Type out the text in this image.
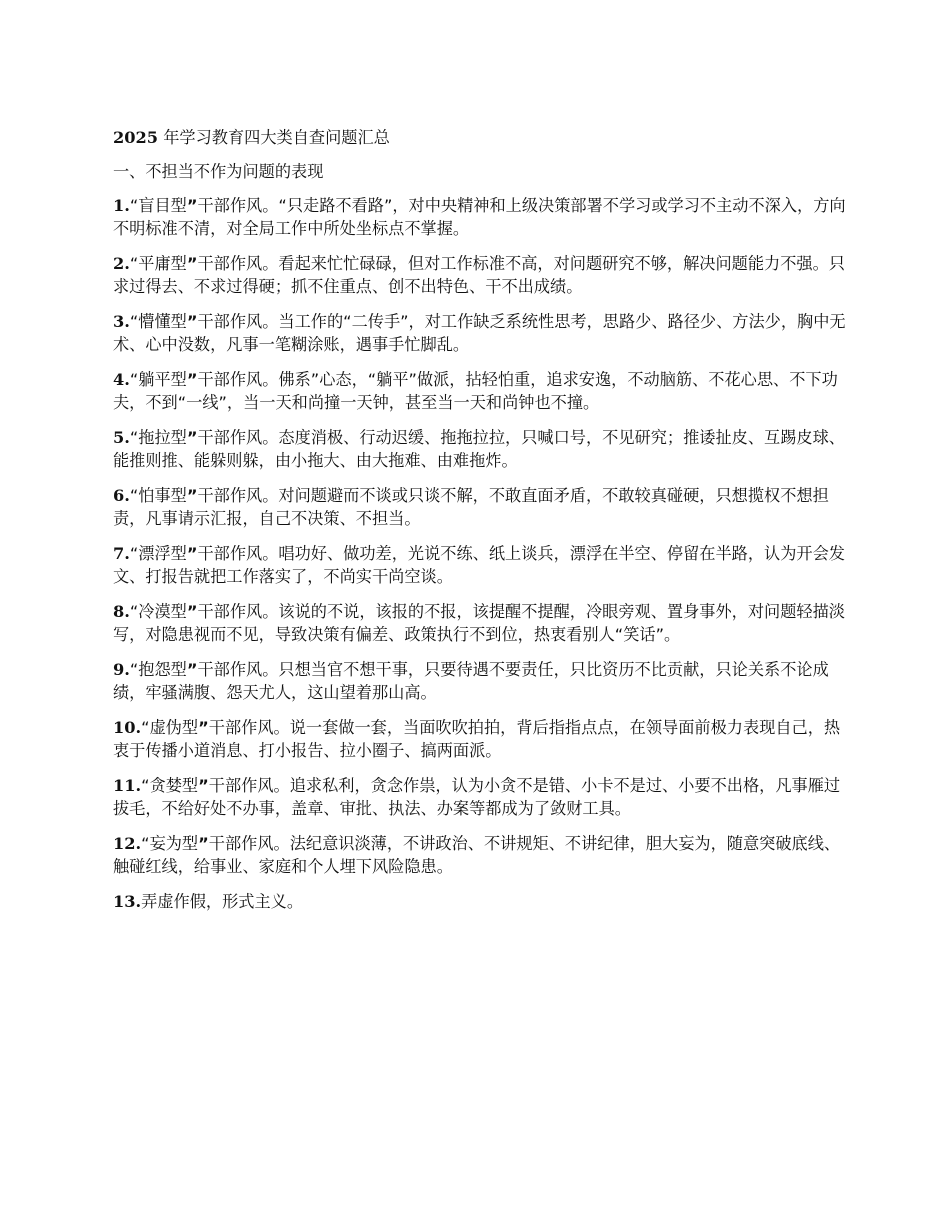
2025 年学习教育四大类自查问题汇总

一、不担当不作为问题的表现

1.“盲目型”干部作风。“只走路不看路”，对中央精神和上级决策部署不学习或学习不主动不深入，方向不明标准不清，对全局工作中所处坐标点不掌握。

2.“平庸型”干部作风。看起来忙忙碌碌，但对工作标准不高，对问题研究不够，解决问题能力不强。只求过得去、不求过得硬；抓不住重点、创不出特色、干不出成绩。

3.“懵懂型”干部作风。当工作的“二传手”，对工作缺乏系统性思考，思路少、路径少、方法少，胸中无术、心中没数，凡事一笔糊涂账，遇事手忙脚乱。

4.“躺平型”干部作风。佛系”心态，“躺平”做派，拈轻怕重，追求安逸，不动脑筋、不花心思、不下功夫，不到“一线”，当一天和尚撞一天钟，甚至当一天和尚钟也不撞。

5.“拖拉型”干部作风。态度消极、行动迟缓、拖拖拉拉，只喊口号，不见研究；推诿扯皮、互踢皮球、能推则推、能躲则躲，由小拖大、由大拖难、由难拖炸。

6.“怕事型”干部作风。对问题避而不谈或只谈不解，不敢直面矛盾，不敢较真碰硬，只想揽权不想担责，凡事请示汇报，自己不决策、不担当。

7.“漂浮型”干部作风。唱功好、做功差，光说不练、纸上谈兵，漂浮在半空、停留在半路，认为开会发文、打报告就把工作落实了，不尚实干尚空谈。

8.“冷漠型”干部作风。该说的不说，该报的不报，该提醒不提醒，冷眼旁观、置身事外，对问题轻描淡写，对隐患视而不见，导致决策有偏差、政策执行不到位，热衷看别人“笑话”。

9.“抱怨型”干部作风。只想当官不想干事，只要待遇不要责任，只比资历不比贡献，只论关系不论成绩，牢骚满腹、怨天尤人，这山望着那山高。

10.“虚伪型”干部作风。说一套做一套，当面吹吹拍拍，背后指指点点，在领导面前极力表现自己，热衷于传播小道消息、打小报告、拉小圈子、搞两面派。

11.“贪婪型”干部作风。追求私利，贪念作祟，认为小贪不是错、小卡不是过、小要不出格，凡事雁过拔毛，不给好处不办事，盖章、审批、执法、办案等都成为了敛财工具。

12.“妄为型”干部作风。法纪意识淡薄，不讲政治、不讲规矩、不讲纪律，胆大妄为，随意突破底线、触碰红线，给事业、家庭和个人埋下风险隐患。

13.弄虚作假，形式主义。
